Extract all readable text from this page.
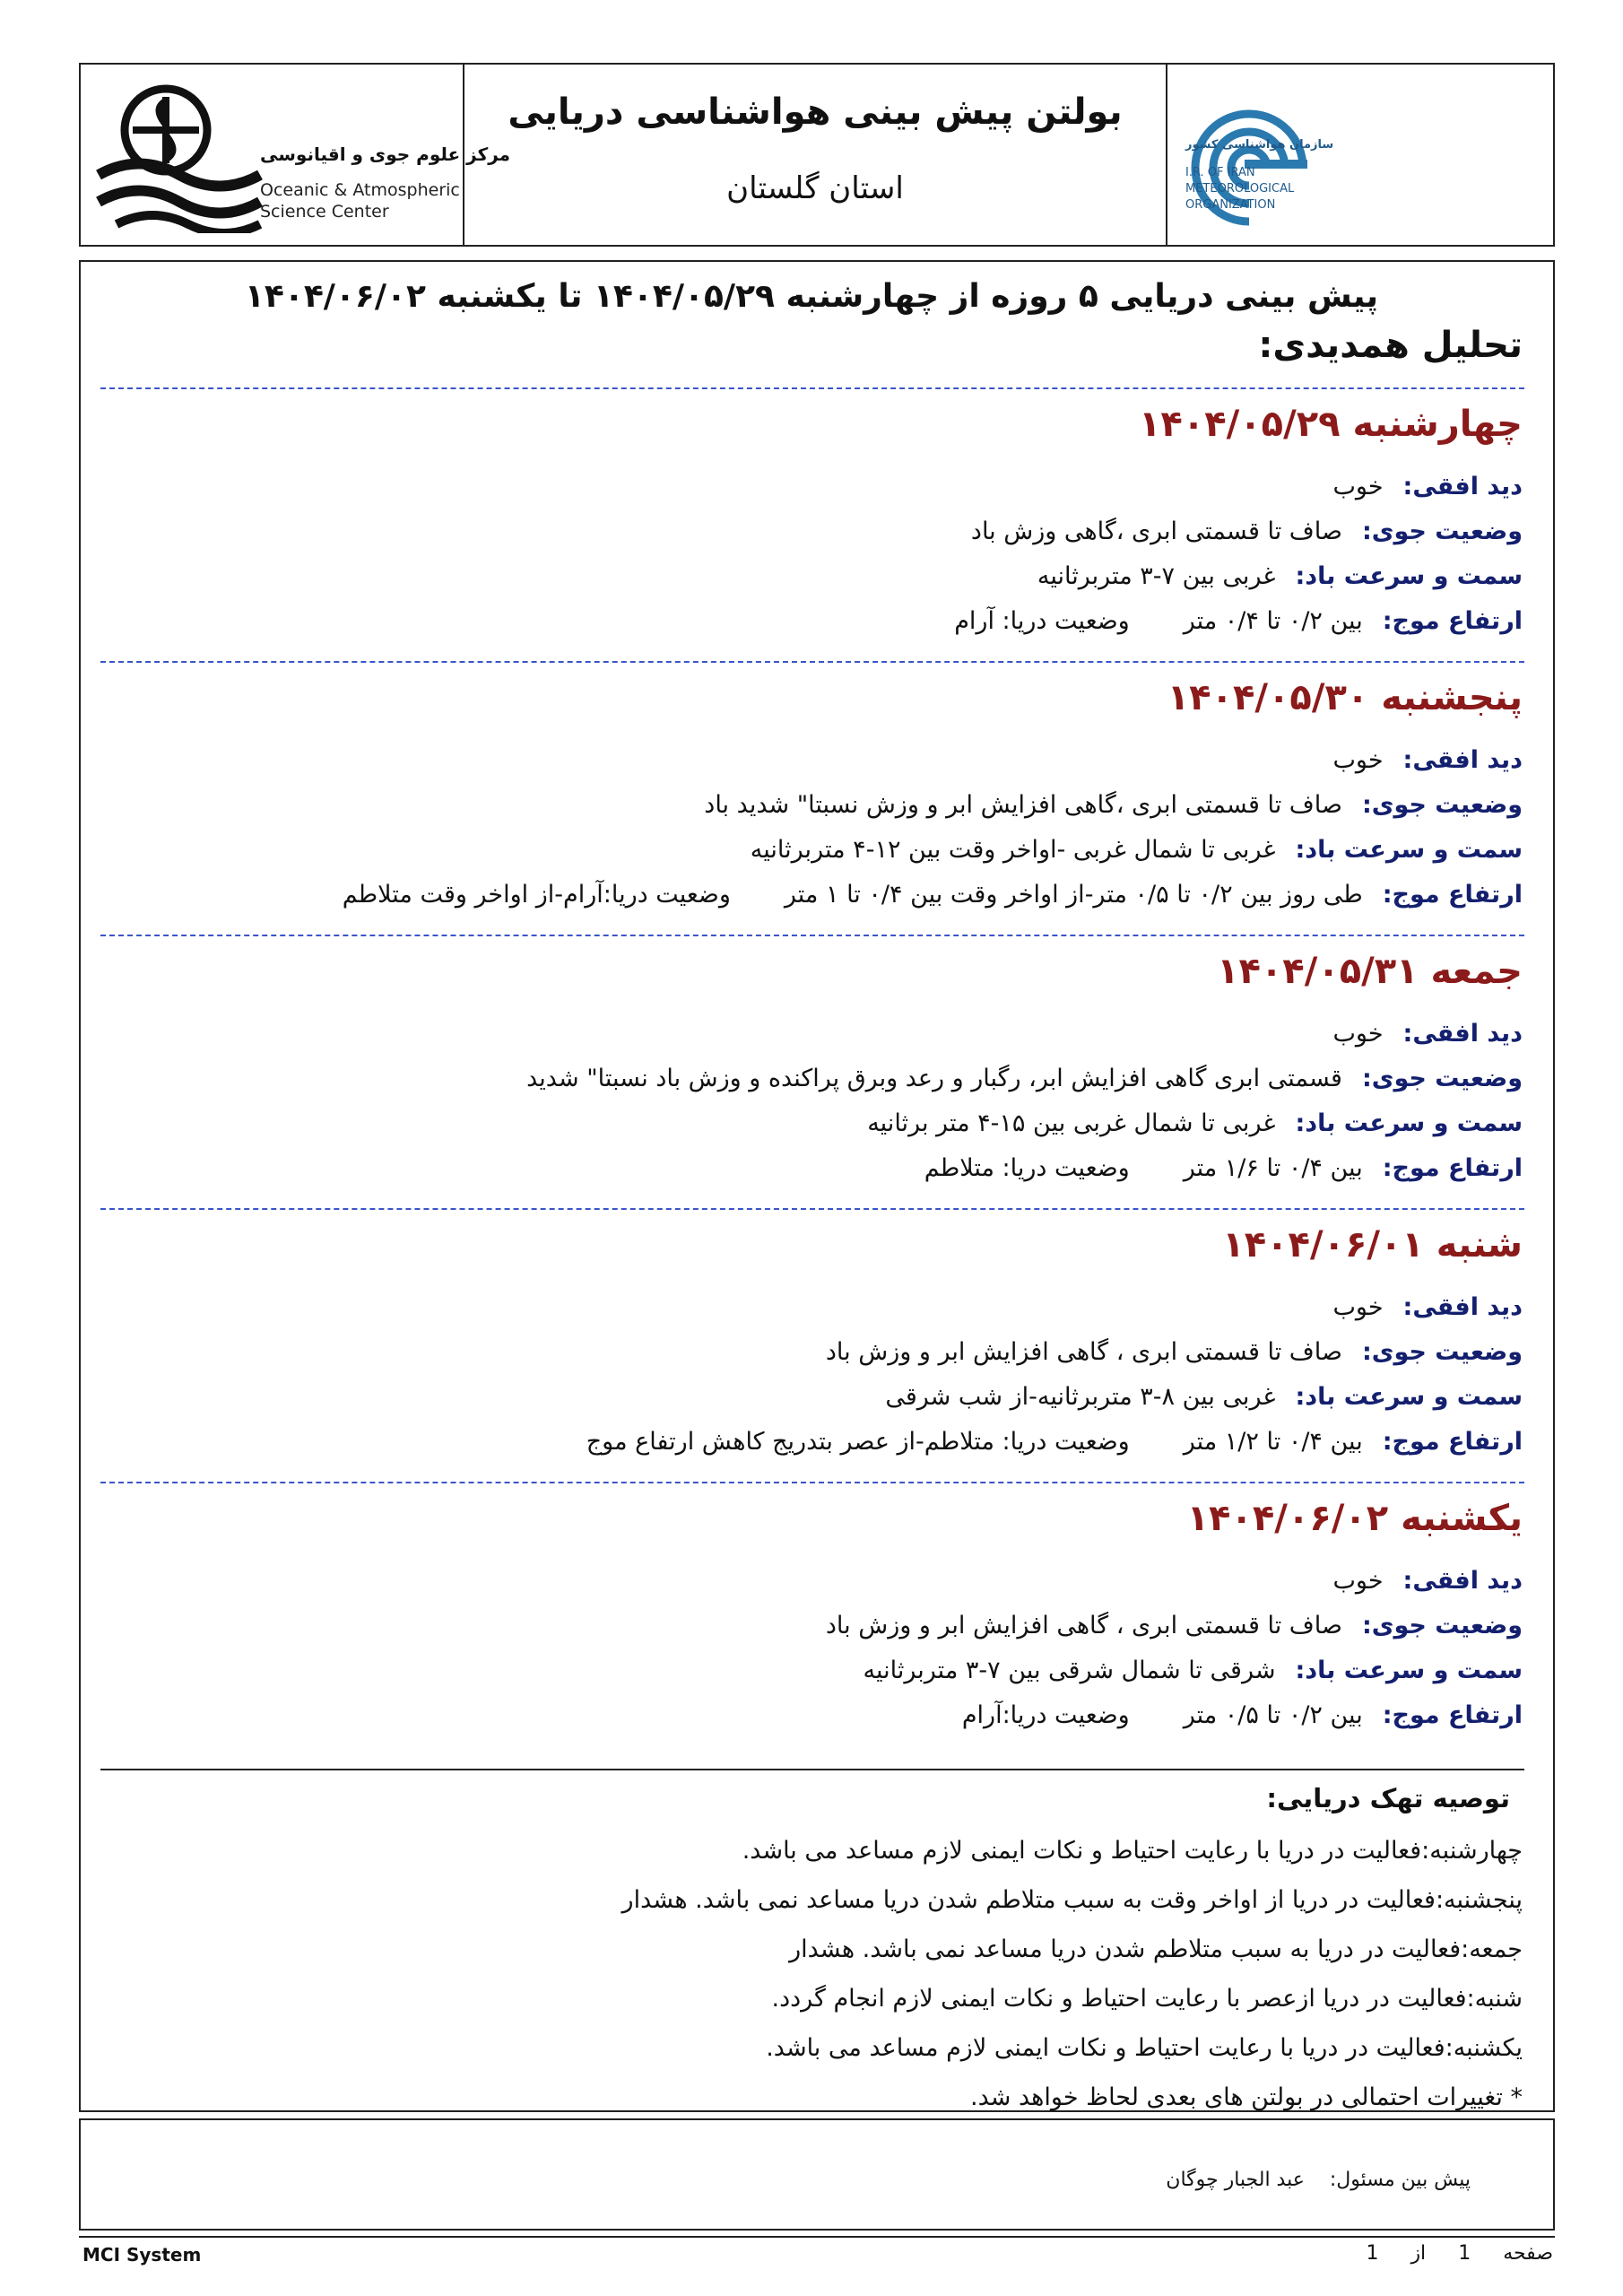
مرکز علوم جوی و اقیانوسی
Oceanic & Atmospheric
Science Center
بولتن پیش بینی هواشناسی دریایی
استان گلستان
سازمان هواشناسی کشور
I.R. OF IRAN
METEOROLOGICAL
ORGANIZATION
پیش بینی دریایی ۵ روزه از چهارشنبه ۱۴۰۴/۰۵/۲۹ تا یکشنبه ۱۴۰۴/۰۶/۰۲
تحلیل همدیدی:
چهارشنبه ۱۴۰۴/۰۵/۲۹
دید افقی:خوب
وضعیت جوی:صاف تا قسمتی ابری ،گاهی وزش باد
سمت و سرعت باد:غربی بین ۷-۳ متربرثانیه
ارتفاع موج:بین ۰/۲ تا ۰/۴ متروضعیت دریا: آرام
پنجشنبه ۱۴۰۴/۰۵/۳۰
دید افقی:خوب
وضعیت جوی:صاف تا قسمتی ابری ،گاهی افزایش ابر و وزش نسبتا" شدید باد
سمت و سرعت باد:غربی تا شمال غربی -اواخر وقت بین ۱۲-۴ متربرثانیه
ارتفاع موج:طی روز بین ۰/۲ تا ۰/۵ متر-از اواخر وقت بین ۰/۴ تا ۱ متروضعیت دریا:آرام-از اواخر وقت متلاطم
جمعه ۱۴۰۴/۰۵/۳۱
دید افقی:خوب
وضعیت جوی:قسمتی ابری گاهی افزایش ابر، رگبار و رعد وبرق پراکنده و وزش باد نسبتا" شدید
سمت و سرعت باد:غربی تا شمال غربی بین ۱۵-۴ متر برثانیه
ارتفاع موج:بین ۰/۴ تا ۱/۶ متروضعیت دریا: متلاطم
شنبه ۱۴۰۴/۰۶/۰۱
دید افقی:خوب
وضعیت جوی:صاف تا قسمتی ابری ، گاهی افزایش ابر و وزش باد
سمت و سرعت باد:غربی بین ۸-۳ متربرثانیه-از شب شرقی
ارتفاع موج:بین ۰/۴ تا ۱/۲ متروضعیت دریا: متلاطم-از عصر بتدریج کاهش ارتفاع موج
یکشنبه ۱۴۰۴/۰۶/۰۲
دید افقی:خوب
وضعیت جوی:صاف تا قسمتی ابری ، گاهی افزایش ابر و وزش باد
سمت و سرعت باد:شرقی تا شمال شرقی بین ۷-۳ متربرثانیه
ارتفاع موج:بین ۰/۲ تا ۰/۵ متروضعیت دریا:آرام
توصیه تهک دریایی:
چهارشنبه:فعالیت در دریا با رعایت احتیاط و نکات ایمنی لازم مساعد می باشد.
پنجشنبه:فعالیت در دریا از اواخر وقت به سبب متلاطم شدن دریا مساعد نمی باشد. هشدار
جمعه:فعالیت در دریا به سبب متلاطم شدن دریا مساعد نمی باشد. هشدار
شنبه:فعالیت در دریا ازعصر با رعایت احتیاط و نکات ایمنی لازم انجام گردد.
یکشنبه:فعالیت در دریا با رعایت احتیاط و نکات ایمنی لازم مساعد می باشد.
* تغییرات احتمالی در بولتن های بعدی لحاظ خواهد شد.
پیش بین مسئول:  عبد الجبار چوگان
MCI System	صفحه  1  از  1
